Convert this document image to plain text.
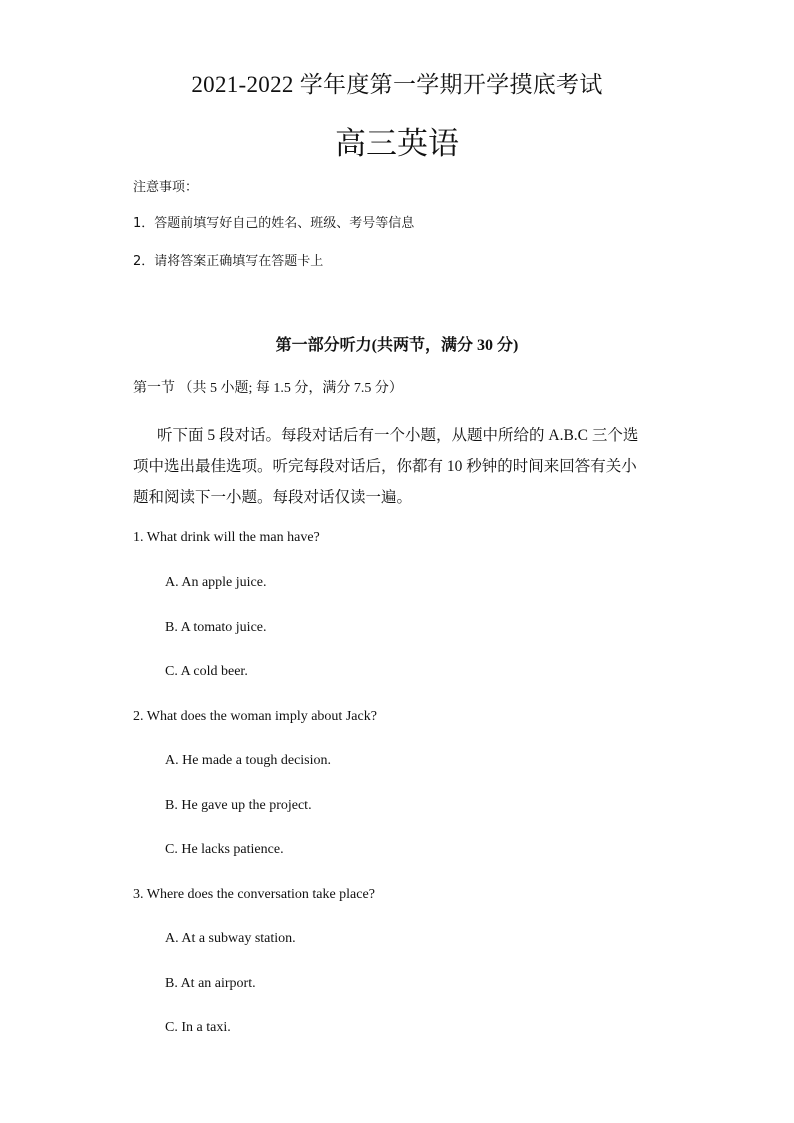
2021-2022 学年度第一学期开学摸底考试
高三英语
注意事项：
1．答题前填写好自己的姓名、班级、考号等信息
2．请将答案正确填写在答题卡上
第一部分听力(共两节，满分 30 分)
第一节 （共 5 小题; 每 1.5 分，满分 7.5 分）

听下面 5 段对话。每段对话后有一个小题，从题中所给的 A.B.C 三个选

项中选出最佳选项。听完每段对话后，你都有 10 秒钟的时间来回答有关小

题和阅读下一小题。每段对话仅读一遍。

1. What drink will the man have?
A. An apple juice.
B. A tomato juice.
C. A cold beer.
2. What does the woman imply about Jack?
A. He made a tough decision.
B. He gave up the project.
C. He lacks patience.
3. Where does the conversation take place?
A. At a subway station.
B. At an airport.
C. In a taxi.
